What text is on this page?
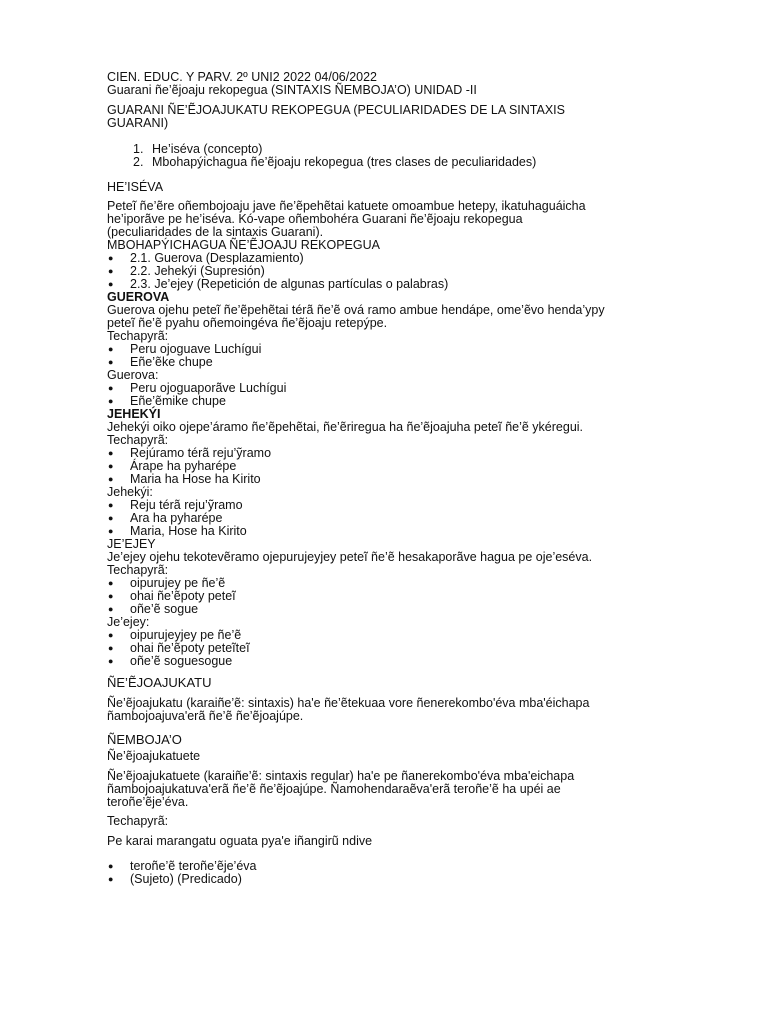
CIEN. EDUC. Y PARV. 2º UNI2 2022 04/06/2022
Guarani ñe’ẽjoaju rekopegua (SINTAXIS ÑEMBOJA’O) UNIDAD -II
GUARANI ÑE’ẼJOAJUKATU REKOPEGUA (PECULIARIDADES DE LA SINTAXIS
GUARANI)
1. He’iséva (concepto)
2. Mbohapýichagua ñe’ẽjoaju rekopegua (tres clases de peculiaridades)
HE’ISÉVA
Peteĩ ñe’ẽre oñembojoaju jave ñe’ẽpehẽtai katuete omoambue hetepy, ikatuhaguáicha
he’iporãve pe he’iséva. Kó-vape oñembohéra Guarani ñe’ẽjoaju rekopegua
(peculiaridades de la sintaxis Guarani).
MBOHAPÝICHAGUA ÑE’ẼJOAJU REKOPEGUA
● 2.1. Guerova (Desplazamiento)
● 2.2. Jehekýi (Supresión)
● 2.3. Je’ejey (Repetición de algunas partículas o palabras)
GUEROVA
Guerova ojehu peteĩ ñe’ẽpehẽtai térã ñe’ẽ ová ramo ambue hendápe, ome’ẽvo henda’ypy
peteĩ ñe’ẽ pyahu oñemoingéva ñe’ẽjoaju retepýpe.
Techapyrã:
● Peru ojoguave Luchígui
● Eñe’ẽke chupe
Guerova:
● Peru ojoguaporãve Luchígui
● Eñe’ẽmike chupe
JEHEKÝI
Jehekýi oiko ojepe’áramo ñe’ẽpehẽtai, ñe’ẽriregua ha ñe’ẽjoajuha peteĩ ñe’ẽ ykéregui.
Techapyrã:
● Rejúramo térã reju’ỹramo
● Árape ha pyharépe
● Maria ha Hose ha Kirito
Jehekýi:
● Reju térã reju’ỹramo
● Ara ha pyharépe
● Maria, Hose ha Kirito
JE’EJEY
Je’ejey ojehu tekotevẽramo ojepurujeyjey peteĩ ñe’ẽ hesakaporãve hagua pe oje’eséva.
Techapyrã:
● oipurujey pe ñe’ẽ
● ohai ñe’ẽpoty peteĩ
● oñe’ẽ sogue
Je’ejey:
● oipurujeyjey pe ñe’ẽ
● ohai ñe’ẽpoty peteĩteĩ
● oñe’ẽ soguesogue
ÑE’ẼJOAJUKATU
Ñe’ẽjoajukatu (karaiñe’ẽ: sintaxis) ha'e ñe’ẽtekuaa vore ñenerekombo'éva mba'éichapa
ñambojoajuva'erã ñe’ẽ ñe’ẽjoajúpe.
ÑEMBOJA’O
Ñe’ẽjoajukatuete
Ñe’ẽjoajukatuete (karaiñe’ẽ: sintaxis regular) ha'e pe ñanerekombo'éva mba'eichapa
ñambojoajukatuva'erã ñe’ẽ ñe’ẽjoajúpe. Ñamohendaraẽva'erã teroñe’ẽ ha upéi ae
teroñe’ẽje’éva.
Techapyrã:
Pe karai marangatu oguata pya'e iñangirũ ndive
● teroñe’ẽ teroñe’ẽje’éva
● (Sujeto) (Predicado)
